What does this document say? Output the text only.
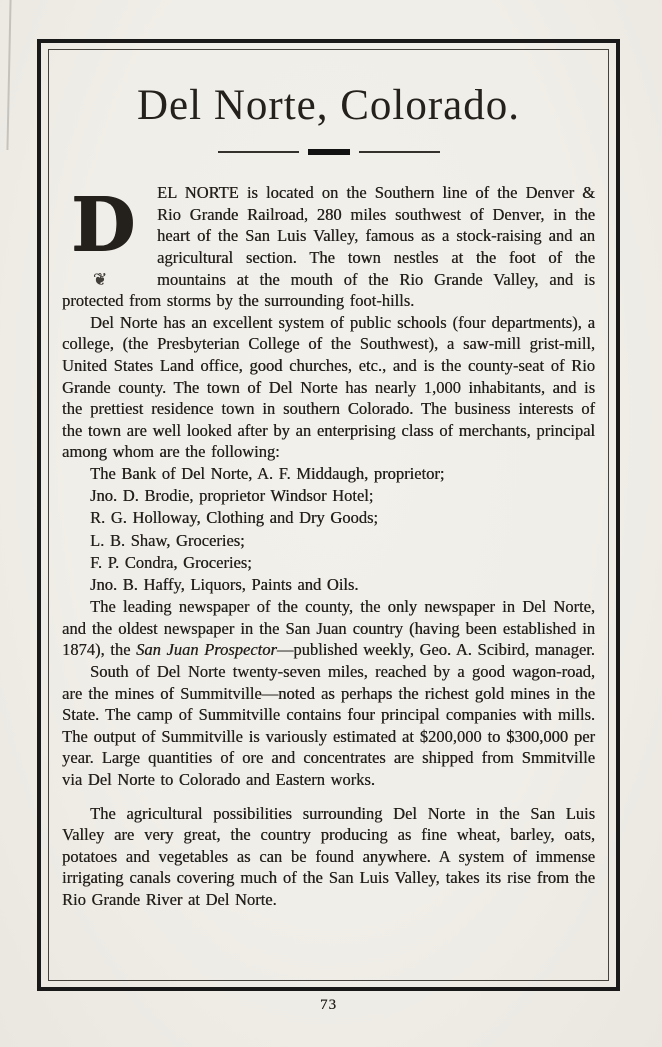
Del Norte, Colorado.

D
❦
EL NORTE is located on the Southern line of the Denver & Rio Grande Railroad, 280 miles southwest of Denver, in the heart of the San Luis Valley, famous as a stock-raising and an agricultural section. The town nestles at the foot of the mountains at the mouth of the Rio Grande Valley, and is protected from storms by the surrounding foot-hills.

Del Norte has an excellent system of public schools (four departments), a college, (the Presbyterian College of the Southwest), a saw-mill grist-mill, United States Land office, good churches, etc., and is the county-seat of Rio Grande county. The town of Del Norte has nearly 1,000 inhabitants, and is the prettiest residence town in southern Colorado. The business interests of the town are well looked after by an enterprising class of merchants, principal among whom are the following:

The Bank of Del Norte, A. F. Middaugh, proprietor;
Jno. D. Brodie, proprietor Windsor Hotel;
R. G. Holloway, Clothing and Dry Goods;
L. B. Shaw, Groceries;
F. P. Condra, Groceries;
Jno. B. Haffy, Liquors, Paints and Oils.

The leading newspaper of the county, the only newspaper in Del Norte, and the oldest newspaper in the San Juan country (having been established in 1874), the San Juan Prospector—published weekly, Geo. A. Scibird, manager.

South of Del Norte twenty-seven miles, reached by a good wagon-road, are the mines of Summitville—noted as perhaps the richest gold mines in the State. The camp of Summitville contains four principal companies with mills. The output of Summitville is variously estimated at $200,000 to $300,000 per year. Large quantities of ore and concentrates are shipped from Smmitville via Del Norte to Colorado and Eastern works.

The agricultural possibilities surrounding Del Norte in the San Luis Valley are very great, the country producing as fine wheat, barley, oats, potatoes and vegetables as can be found anywhere. A system of immense irrigating canals covering much of the San Luis Valley, takes its rise from the Rio Grande River at Del Norte.

73
